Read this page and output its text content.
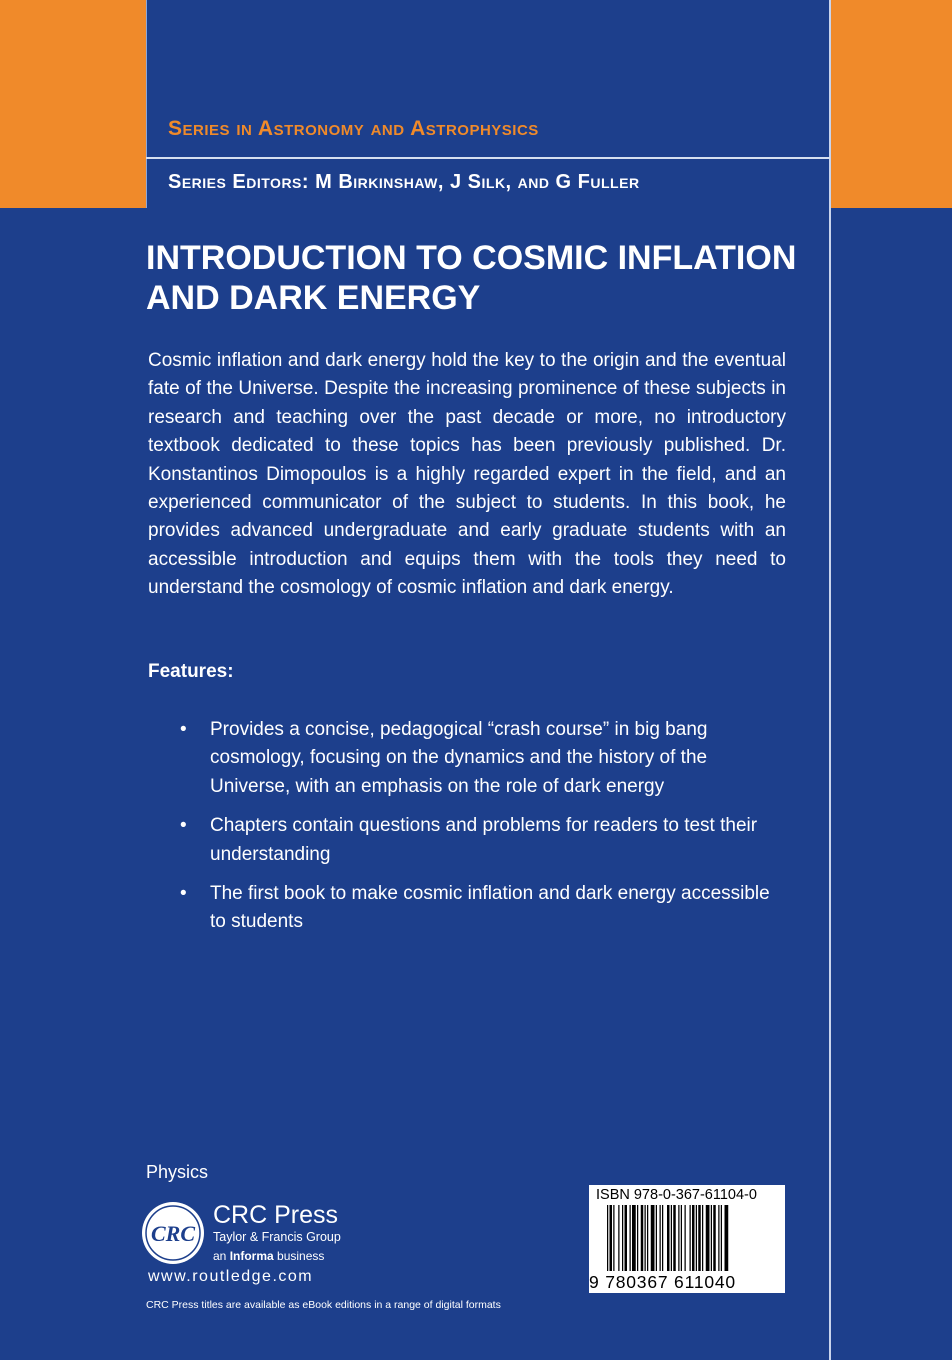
Series in Astronomy and Astrophysics
Series Editors: M Birkinshaw, J Silk, and G Fuller
INTRODUCTION TO COSMIC INFLATION AND DARK ENERGY
Cosmic inflation and dark energy hold the key to the origin and the eventual fate of the Universe. Despite the increasing prominence of these subjects in research and teaching over the past decade or more, no introductory textbook dedicated to these topics has been previously published. Dr. Konstantinos Dimopoulos is a highly regarded expert in the field, and an experienced communicator of the subject to students. In this book, he provides advanced undergraduate and early graduate students with an accessible introduction and equips them with the tools they need to understand the cosmology of cosmic inflation and dark energy.
Features:
• Provides a concise, pedagogical “crash course” in big bang cosmology, focusing on the dynamics and the history of the Universe, with an emphasis on the role of dark energy
• Chapters contain questions and problems for readers to test their understanding
• The first book to make cosmic inflation and dark energy accessible to students
Physics
CRC
CRC Press
Taylor & Francis Group
an Informa business
www.routledge.com
CRC Press titles are available as eBook editions in a range of digital formats
ISBN 978-0-367-61104-0
9 780367 611040
